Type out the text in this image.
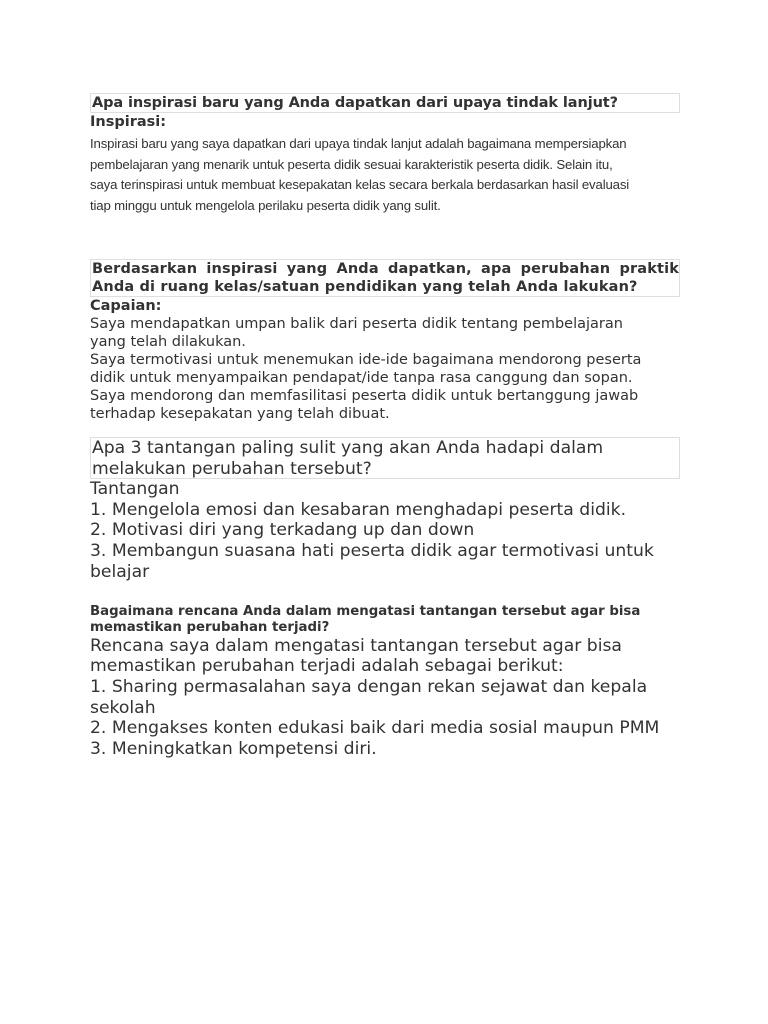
Apa inspirasi baru yang Anda dapatkan dari upaya tindak lanjut?
Inspirasi:
Inspirasi baru yang saya dapatkan dari upaya tindak lanjut adalah bagaimana mempersiapkan
pembelajaran yang menarik untuk peserta didik sesuai karakteristik peserta didik. Selain itu,
saya terinspirasi untuk membuat kesepakatan kelas secara berkala berdasarkan hasil evaluasi
tiap minggu untuk mengelola perilaku peserta didik yang sulit.
Berdasarkan inspirasi yang Anda dapatkan, apa perubahan praktik
Anda di ruang kelas/satuan pendidikan yang telah Anda lakukan?
Capaian:
Saya mendapatkan umpan balik dari peserta didik tentang pembelajaran
yang telah dilakukan.
Saya termotivasi untuk menemukan ide-ide bagaimana mendorong peserta
didik untuk menyampaikan pendapat/ide tanpa rasa canggung dan sopan.
Saya mendorong dan memfasilitasi peserta didik untuk bertanggung jawab
terhadap kesepakatan yang telah dibuat.
Apa 3 tantangan paling sulit yang akan Anda hadapi dalam
melakukan perubahan tersebut?
Tantangan
1. Mengelola emosi dan kesabaran menghadapi peserta didik.
2. Motivasi diri yang terkadang up dan down
3. Membangun suasana hati peserta didik agar termotivasi untuk
belajar
Bagaimana rencana Anda dalam mengatasi tantangan tersebut agar bisa
memastikan perubahan terjadi?
Rencana saya dalam mengatasi tantangan tersebut agar bisa
memastikan perubahan terjadi adalah sebagai berikut:
1. Sharing permasalahan saya dengan rekan sejawat dan kepala
sekolah
2. Mengakses konten edukasi baik dari media sosial maupun PMM
3. Meningkatkan kompetensi diri.
